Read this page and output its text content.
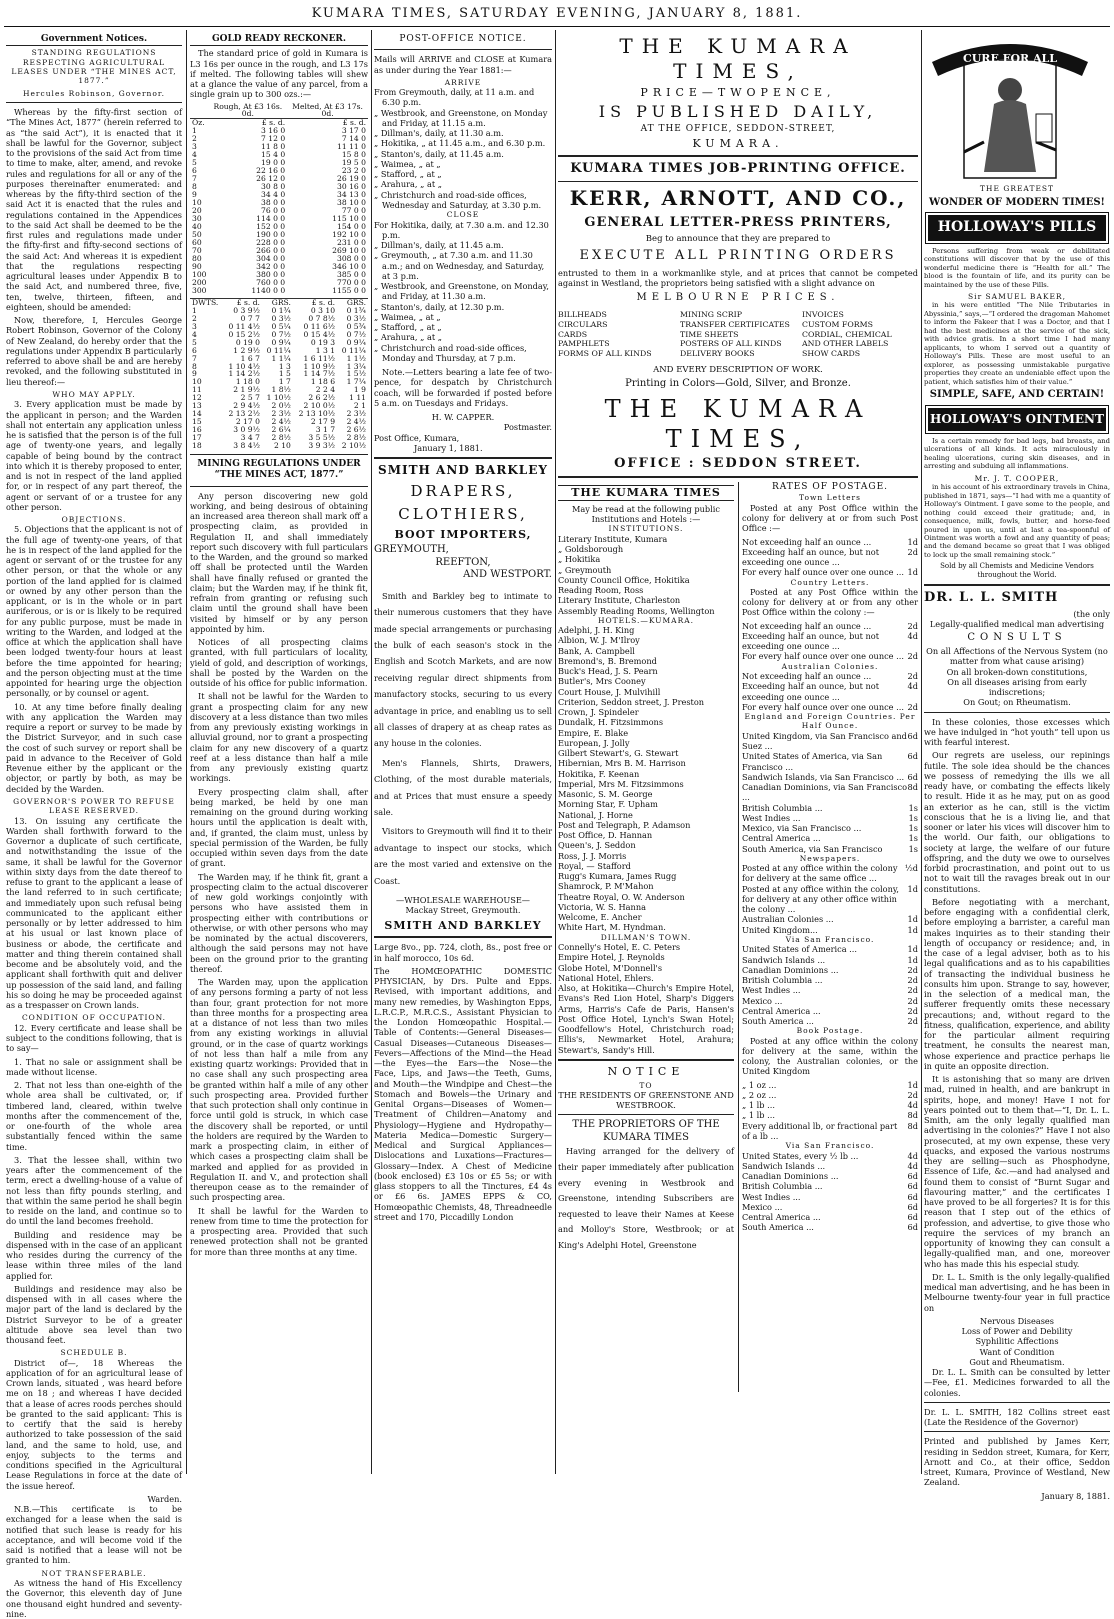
KUMARA TIMES, SATURDAY EVENING, JANUARY 8, 1881.
Government Notices.
STANDING REGULATIONS RESPECTING AGRICULTURAL LEASES UNDER “THE MINES ACT, 1877.”
Hercules Robinson, Governor.

Whereas by the fifty-first section of “The Mines Act, 1877” (herein referred to as “the said Act”), it is enacted that it shall be lawful for the Governor, subject to the provisions of the said Act from time to time to make, alter, amend, and revoke rules and regulations for all or any of the purposes thereinafter enumerated: and whereas by the fifty-third section of the said Act it is enacted that the rules and regulations contained in the Appendices to the said Act shall be deemed to be the first rules and regulations made under the fifty-first and fifty-second sections of the said Act: And whereas it is expedient that the regulations respecting agricultural leases under Appendix B to the said Act, and numbered three, five, ten, twelve, thirteen, fifteen, and eighteen, should be amended:

Now, therefore, I, Hercules George Robert Robinson, Governor of the Colony of New Zealand, do hereby order that the regulations under Appendix B particularly referred to above shall be and are hereby revoked, and the following substituted in lieu thereof:—

WHO MAY APPLY.

3. Every application must be made by the applicant in person; and the Warden shall not entertain any application unless he is satisfied that the person is of the full age of twenty-one years, and legally capable of being bound by the contract into which it is thereby proposed to enter, and is not in respect of the land applied for, or in respect of any part thereof, the agent or servant of or a trustee for any other person.

OBJECTIONS.

5. Objections that the applicant is not of the full age of twenty-one years, of that he is in respect of the land applied for the agent or servant of or the trustee for any other person, or that the whole or any portion of the land applied for is claimed or owned by any other person than the applicant, or is in the whole or in part auriferous, or is or is likely to be required for any public purpose, must be made in writing to the Warden, and lodged at the office at which the application shall have been lodged twenty-four hours at least before the time appointed for hearing; and the person objecting must at the time appointed for hearing urge the objection personally, or by counsel or agent.

10. At any time before finally dealing with any application the Warden may require a report or survey to be made by the District Surveyor, and in such case the cost of such survey or report shall be paid in advance to the Receiver of Gold Revenue either by the applicant or the objector, or partly by both, as may be decided by the Warden.

GOVERNOR'S POWER TO REFUSE LEASE RESERVED.

13. On issuing any certificate the Warden shall forthwith forward to the Governor a duplicate of such certificate, and notwithstanding the issue of the same, it shall be lawful for the Governor within sixty days from the date thereof to refuse to grant to the applicant a lease of the land referred to in such certificate; and immediately upon such refusal being communicated to the applicant either personally or by letter addressed to him at his usual or last known place of business or abode, the certificate and matter and thing therein contained shall become and be absolutely void, and the applicant shall forthwith quit and deliver up possession of the said land, and failing his so doing he may be proceeded against as a trespasser on Crown lands.

CONDITION OF OCCUPATION.

12. Every certificate and lease shall be subject to the conditions following, that is to say—

1. That no sale or assignment shall be made without license.

2. That not less than one-eighth of the whole area shall be cultivated, or, if timbered land, cleared, within twelve months after the commencement of the, or one-fourth of the whole area substantially fenced within the same time.

3. That the lessee shall, within two years after the commencement of the term, erect a dwelling-house of a value of not less than fifty pounds sterling, and that within the same period he shall begin to reside on the land, and continue so to do until the land becomes freehold.

Building and residence may be dispensed with in the case of an applicant who resides during the currency of the lease within three miles of the land applied for.

Buildings and residence may also be dispensed with in all cases where the major part of the land is declared by the District Surveyor to be of a greater altitude above sea level than two thousand feet.

SCHEDULE B.

District of—, 18 Whereas the application of for an agricultural lease of Crown lands, situated , was heard before me on 18 ; and whereas I have decided that a lease of acres roods perches should be granted to the said applicant: This is to certify that the said is hereby authorized to take possession of the said land, and the same to hold, use, and enjoy, subjects to the terms and conditions specified in the Agricultural Lease Regulations in force at the date of the issue hereof.

Warden.

N.B.—This certificate is to be exchanged for a lease when the said is notified that such lease is ready for his acceptance, and will become void if the said is notified that a lease will not be granted to him.

NOT TRANSFERABLE.

As witness the hand of His Excellency the Governor, this eleventh day of June one thousand eight hundred and seventy-nine.

GOLD READY RECKONER.

The standard price of gold in Kumara is L3 16s per ounce in the rough, and L3 17s if melted. The following tables will shew at a glance the value of any parcel, from a single grain up to 300 ozs.:—

	Rough, At £3 16s. 0d.	Melted, At £3 17s. 0d.
Oz.	£ s. d.	£ s. d.
1	3 16 0	3 17 0
2	7 12 0	7 14 0
3	11 8 0	11 11 0
4	15 4 0	15 8 0
5	19 0 0	19 5 0
6	22 16 0	23 2 0
7	26 12 0	26 19 0
8	30 8 0	30 16 0
9	34 4 0	34 13 0
10	38 0 0	38 10 0
20	76 0 0	77 0 0
30	114 0 0	115 10 0
40	152 0 0	154 0 0
50	190 0 0	192 10 0
60	228 0 0	231 0 0
70	266 0 0	269 10 0
80	304 0 0	308 0 0
90	342 0 0	346 10 0
100	380 0 0	385 0 0
200	760 0 0	770 0 0
300	1140 0 0	1155 0 0
DWTS.	£ s. d.	GRS.	£ s. d.	GRS.
1	0 3 9½	0 1¾	0 3 10	0 1¾
2	0 7 7	0 3½	0 7 8½	0 3½
3	0 11 4½	0 5¼	0 11 6½	0 5¾
4	0 15 2½	0 7½	0 15 4½	0 7½
5	0 19 0	0 9¼	0 19 3	0 9¼
6	1 2 9½	0 11¼	1 3 1	0 11¼
7	1 6 7	1 1¼	1 6 11½	1 1½
8	1 10 4½	1 3	1 10 9½	1 3¼
9	1 14 2½	1 5	1 14 7½	1 5½
10	1 18 0	1 7	1 18 6	1 7¼
11	2 1 9½	1 8½	2 2 4	1 9
12	2 5 7	1 10½	2 6 2½	1 11
13	2 9 4½	2 0½	2 10 0½	2 1
14	2 13 2½	2 3½	2 13 10½	2 3½
15	2 17 0	2 4½	2 17 9	2 4½
16	3 0 9½	2 6¼	3 1 7	2 6½
17	3 4 7	2 8½	3 5 5½	2 8½
18	3 8 4½	2 10	3 9 3½	2 10½
MINING REGULATIONS UNDER “THE MINES ACT, 1877.”

Any person discovering new gold working, and being desirous of obtaining an increased area thereon shall mark off a prospecting claim, as provided in Regulation II, and shall immediately report such discovery with full particulars to the Warden, and the ground so marked off shall be protected until the Warden shall have finally refused or granted the claim; but the Warden may, if he think fit, refrain from granting or refusing such claim until the ground shall have been visited by himself or by any person appointed by him.

Notices of all prospecting claims granted, with full particulars of locality, yield of gold, and description of workings, shall be posted by the Warden on the outside of his office for public information.

It shall not be lawful for the Warden to grant a prospecting claim for any new discovery at a less distance than two miles from any previously existing workings in alluvial ground, nor to grant a prospecting claim for any new discovery of a quartz reef at a less distance than half a mile from any previously existing quartz workings.

Every prospecting claim shall, after being marked, be held by one man remaining on the ground during working hours until the application is dealt with, and, if granted, the claim must, unless by special permission of the Warden, be fully occupied within seven days from the date of grant.

The Warden may, if he think fit, grant a prospecting claim to the actual discoverer of new gold workings conjointly with persons who have assisted them in prospecting either with contributions or otherwise, or with other persons who may be nominated by the actual discoverers, although the said persons may not have been on the ground prior to the granting thereof.

The Warden may, upon the application of any persons forming a party of not less than four, grant protection for not more than three months for a prospecting area at a distance of not less than two miles from any existing workings in alluvial ground, or in the case of quartz workings of not less than half a mile from any existing quartz workings: Provided that in no case shall any such prospecting area be granted within half a mile of any other such prospecting area. Provided further that such protection shall only continue in force until gold is struck, in which case the discovery shall be reported, or until the holders are required by the Warden to mark a prospecting claim, in either of which cases a prospecting claim shall be marked and applied for as provided in Regulation II. and V., and protection shall thereupon cease as to the remainder of such prospecting area.

It shall be lawful for the Warden to renew from time to time the protection for a prospecting area. Provided that such renewed protection shall not be granted for more than three months at any time.

POST-OFFICE NOTICE.

Mails will ARRIVE and CLOSE at Kumara as under during the Year 1881:—

ARRIVE
From Greymouth, daily, at 11 a.m. and 6.30 p.m.
„ Westbrook, and Greenstone, on Monday and Friday, at 11.15 a.m.
„ Dillman's, daily, at 11.30 a.m.
„ Hokitika, „ at 11.45 a.m., and 6.30 p.m.
„ Stanton's, daily, at 11.45 a.m.
„ Waimea, „ at „
„ Stafford, „ at „
„ Arahura, „ at „
„ Christchurch and road-side offices, Wednesday and Saturday, at 3.30 p.m.
CLOSE
For Hokitika, daily, at 7.30 a.m. and 12.30 p.m.
„ Dillman's, daily, at 11.45 a.m.
„ Greymouth, „ at 7.30 a.m. and 11.30 a.m.; and on Wednesday, and Saturday, at 3 p.m.
„ Westbrook, and Greenstone, on Monday, and Friday, at 11.30 a.m.
„ Stanton's, daily, at 12.30 p.m.
„ Waimea, „ at „
„ Stafford, „ at „
„ Arahura, „ at „
„ Christchurch and road-side offices, Monday and Thursday, at 7 p.m.

Note.—Letters bearing a late fee of two-pence, for despatch by Christchurch coach, will be forwarded if posted before 5 a.m. on Tuesdays and Fridays.

H. W. CAPPER.
Postmaster.
Post Office, Kumara,
January 1, 1881.
SMITH AND BARKLEY
DRAPERS,
CLOTHIERS,
BOOT IMPORTERS,
GREYMOUTH,
REEFTON,
AND WESTPORT.

Smith and Barkley beg to intimate to their numerous customers that they have made special arrangements or purchasing the bulk of each season's stock in the English and Scotch Markets, and are now receiving regular direct shipments from manufactory stocks, securing to us every advantage in price, and enabling us to sell all classes of drapery at as cheap rates as any house in the colonies.

Men's Flannels, Shirts, Drawers, Clothing, of the most durable materials, and at Prices that must ensure a speedy sale.

Visitors to Greymouth will find it to their advantage to inspect our stocks, which are the most varied and extensive on the Coast.

—WHOLESALE WAREHOUSE—
Mackay Street, Greymouth.
SMITH AND BARKLEY

Large 8vo., pp. 724, cloth, 8s., post free or in half morocco, 10s 6d.

The HOMŒOPATHIC DOMESTIC PHYSICIAN, by Drs. Pulte and Epps. Revised, with important additions, and many new remedies, by Washington Epps, L.R.C.P., M.R.C.S., Assistant Physician to the London Homœopathic Hospital.—Table of Contents:—General Diseases—Casual Diseases—Cutaneous Diseases—Fevers—Affections of the Mind—the Head—the Eyes—the Ears—the Nose—the Face, Lips, and Jaws—the Teeth, Gums, and Mouth—the Windpipe and Chest—the Stomach and Bowels—the Urinary and Genital Organs—Diseases of Women—Treatment of Children—Anatomy and Physiology—Hygiene and Hydropathy—Materia Medica—Domestic Surgery—Medical and Surgical Appliances—Dislocations and Luxations—Fractures—Glossary—Index. A Chest of Medicine (book enclosed) £3 10s or £5 5s; or with glass stoppers to all the Tinctures, £4 4s or £6 6s. JAMES EPPS & CO, Homœopathic Chemists, 48, Threadneedle street and 170, Piccadilly London

THE KUMARA TIMES,
PRICE—TWOPENCE,
IS PUBLISHED DAILY,
AT THE OFFICE, SEDDON-STREET,
KUMARA.
KUMARA TIMES JOB-PRINTING OFFICE.
KERR, ARNOTT, AND CO.,
GENERAL LETTER-PRESS PRINTERS,
Beg to announce that they are prepared to
EXECUTE ALL PRINTING ORDERS

entrusted to them in a workmanlike style, and at prices that cannot be competed against in Westland, the proprietors being satisfied with a slight advance on

MELBOURNE PRICES.
BILLHEADS	MINING SCRIP	INVOICES
CIRCULARS	TRANSFER CERTIFICATES	CUSTOM FORMS
CARDS	TIME SHEETS	CORDIAL, CHEMICAL
PAMPHLETS	POSTERS OF ALL KINDS	AND OTHER LABELS
FORMS OF ALL KINDS	DELIVERY BOOKS	SHOW CARDS
AND EVERY DESCRIPTION OF WORK.
Printing in Colors—Gold, Silver, and Bronze.
THE KUMARA TIMES,
OFFICE : SEDDON STREET.
THE KUMARA TIMES
May be read at the following public Institutions and Hotels :—
INSTITUTIONS.
Literary Institute, Kumara
„ Goldsborough
„ Hokitika
„ Greymouth
County Council Office, Hokitika
Reading Room, Ross
Literary Institute, Charleston
Assembly Reading Rooms, Wellington
HOTELS.—KUMARA.
Adelphi, J. H. King
Albion, W. J. M'Ilroy
Bank, A. Campbell
Bremond's, B. Bremond
Buck's Head, J. S. Pearn
Butler's, Mrs Cooney
Court House, J. Mulvihill
Criterion, Seddon street, J. Preston
Crown, J. Spindeler
Dundalk, H. Fitzsimmons
Empire, E. Blake
European, J. Jolly
Gilbert Stewart's, G. Stewart
Hibernian, Mrs B. M. Harrison
Hokitika, F. Keenan
Imperial, Mrs M. Fitzsimmons
Masonic, S. M. George
Morning Star, F. Upham
National, J. Horne
Post and Telegraph, P. Adamson
Post Office, D. Hannan
Queen's, J. Seddon
Ross, J. J. Morris
Royal, — Stafford
Rugg's Kumara, James Rugg
Shamrock, P. M'Mahon
Theatre Royal, O. W. Anderson
Victoria, W. S. Hanna
Welcome, E. Ancher
White Hart, M. Hyndman.
DILLMAN'S TOWN.
Connelly's Hotel, E. C. Peters
Empire Hotel, J. Reynolds
Globe Hotel, M'Donnell's
National Hotel, Ehlers.

Also, at Hokitika—Church's Empire Hotel, Evans's Red Lion Hotel, Sharp's Diggers Arms, Harris's Cafe de Paris, Hansen's Post Office Hotel, Lynch's Swan Hotel; Goodfellow's Hotel, Christchurch road; Ellis's, Newmarket Hotel, Arahura; Stewart's, Sandy's Hill.

NOTICE
TO
THE RESIDENTS OF GREENSTONE AND WESTBROOK.
THE PROPRIETORS OF THE KUMARA TIMES

Having arranged for the delivery of their paper immediately after publication every evening in Westbrook and Greenstone, intending Subscribers are requested to leave their Names at Keese and Molloy's Store, Westbrook; or at King's Adelphi Hotel, Greenstone

RATES OF POSTAGE.
Town Letters

Posted at any Post Office within the colony for delivery at or from such Post Office :—

Not exceeding half an ounce ...	1d
Exceeding half an ounce, but not exceeding one ounce ...
2d
For every half ounce over one ounce ... 1d
Country Letters.

Posted at any Post Office within the colony for delivery at or from any other Post Office within the colony :—

Not exceeding half an ounce ...	2d
Exceeding half an ounce, but not exceeding one ounce ...
4d
For every half ounce over one ounce ... 2d
Australian Colonies.
Not exceeding half an ounce ...	2d
Exceeding half an ounce, but not exceeding one ounce ...
4d
For every half ounce over one ounce ... 2d
England and Foreign Countries. Per Half Ounce.
United Kingdom, via San Francisco and Suez ...
6d
United States of America, via San Francisco ...
6d
Sandwich Islands, via San Francisco ... 6d
Canadian Dominions, via San Francisco ...
8d
British Columbia ...	1s
West Indies ...	1s
Mexico, via San Francisco ...	1s
Central America ...	1s
South America, via San Francisco	1s
Newspapers.
Posted at any office within the colony for delivery at the same office ...
½d
Posted at any office within the colony, for delivery at any other office within the colony ...
1d
Australian Colonies ...	1d
United Kingdom...	1d
Via San Francisco.
United States of America ...	1d
Sandwich Islands ...	1d
Canadian Dominions ...	2d
British Columbia ...	2d
West Indies ...	2d
Mexico ...	2d
Central America ...	2d
South America ...	2d
Book Postage.

Posted at any office within the colony for delivery at the same, within the colony, the Australian colonies, or the United Kingdom

„ 1 oz ...	1d
„ 2 oz ...	2d
„ 1 lb ...	4d
„ 1 lb ...	8d
Every additional lb, or fractional part of a lb ...
8d
Via San Francisco.
United States, every ½ lb ...	4d
Sandwich Islands ...	4d
Canadian Dominions ...	6d
British Columbia ...	6d
West Indies ...	6d
Mexico ...	6d
Central America ...	6d
South America ...	6d
CURE FOR ALL
THE GREATEST
WONDER OF MODERN TIMES!
HOLLOWAY'S PILLS

Persons suffering from weak or debilitated constitutions will discover that by the use of this wonderful medicine there is “Health for all.” The blood is the fountain of life, and its purity can be maintained by the use of these Pills.

Sir SAMUEL BAKER,

in his were entitled “The Nile Tributaries in Abyssinia,” says,—“I ordered the dragoman Mahomet to inform the Fakeer that I was a Doctor, and that I had the best medicines at the service of the sick, with advice gratis. In a short time I had many applicants, to whom I served out a quantity of Holloway's Pills. These are most useful to an explorer, as possessing unmistakable purgative properties they create an undeniable effect upon the patient, which satisfies him of their value.”

SIMPLE, SAFE, AND CERTAIN!
HOLLOWAY'S OINTMENT

Is a certain remedy for bad legs, bad breasts, and ulcerations of all kinds. It acts miraculously in healing ulcerations, curing skin diseases, and in arresting and subduing all inflammations.

Mr. J. T. COOPER,

in his account of his extraordinary travels in China, published in 1871, says—“I had with me a quantity of Holloway's Ointment. I gave some to the people, and nothing could exceed their gratitude; and, in consequence, milk, fowls, butter, and horse-feed poured in upon us, until at last a tea-spoonful of Ointment was worth a fowl and any quantity of peas; and the demand became so great that I was obliged to lock up the small remaining stock.”

Sold by all Chemists and Medicine Vendors throughout the World.
DR. L. L. SMITH
(the only
Legally-qualified medical man advertising
CONSULTS
On all Affections of the Nervous System (no matter from what cause arising)
On all broken-down constitutions,
On all diseases arising from early indiscretions;
On Gout; on Rheumatism.

In these colonies, those excesses which we have indulged in “hot youth” tell upon us with fearful interest.

Our regrets are useless, our repinings futile. The sole idea should be the chances we possess of remedying the ills we all ready have, or combating the effects likely to result. Hide it as he may, put on as good an exterior as he can, still is the victim conscious that he is a living lie, and that sooner or later his vices will discover him to the world. Our faith, our obligations to society at large, the welfare of our future offspring, and the duty we owe to ourselves forbid procrastination, and point out to us not to wait till the ravages break out in our constitutions.

Before negotiating with a merchant, before engaging with a confidential clerk, before employing a barrister, a careful man makes inquiries as to their standing their length of occupancy or residence; and, in the case of a legal adviser, both as to his legal qualifications and as to his capabilities of transacting the individual business he consults him upon. Strange to say, however, in the selection of a medical man, the sufferer frequently omits these necessary precautions; and, without regard to the fitness, qualification, experience, and ability for the particular ailment requiring treatment, he consults the nearest man, whose experience and practice perhaps lie in quite an opposite direction.

It is astonishing that so many are driven mad, ruined in health, and are bankrupt in spirits, hope, and money! Have I not for years pointed out to them that—“I, Dr. L. L. Smith, am the only legally qualified man advertising in the colonies?” Have I not also prosecuted, at my own expense, these very quacks, and exposed the various nostrums they are selling—such as Phosphodyne, Essence of Life, &c.—and had analysed and found them to consist of “Burnt Sugar and flavouring matter,” and the certificates I have proved to be all forgeries? It is for this reason that I step out of the ethics of profession, and advertise, to give those who require the services of my branch an opportunity of knowing they can consult a legally-qualified man, and one, moreover who has made this his especial study.

Dr. L. L. Smith is the only legally-qualified medical man advertising, and he has been in Melbourne twenty-four year in full practice on

Nervous Diseases
Loss of Power and Debility
Syphilitic Affections
Want of Condition
Gout and Rheumatism.

Dr. L. L. Smith can be consulted by letter—Fee, £1. Medicines forwarded to all the colonies.

Dr. L. L. SMITH, 182 Collins street east (Late the Residence of the Governor)

Printed and published by James Kerr, residing in Seddon street, Kumara, for Kerr, Arnott and Co., at their office, Seddon street, Kumara, Province of Westland, New Zealand.

January 8, 1881.
